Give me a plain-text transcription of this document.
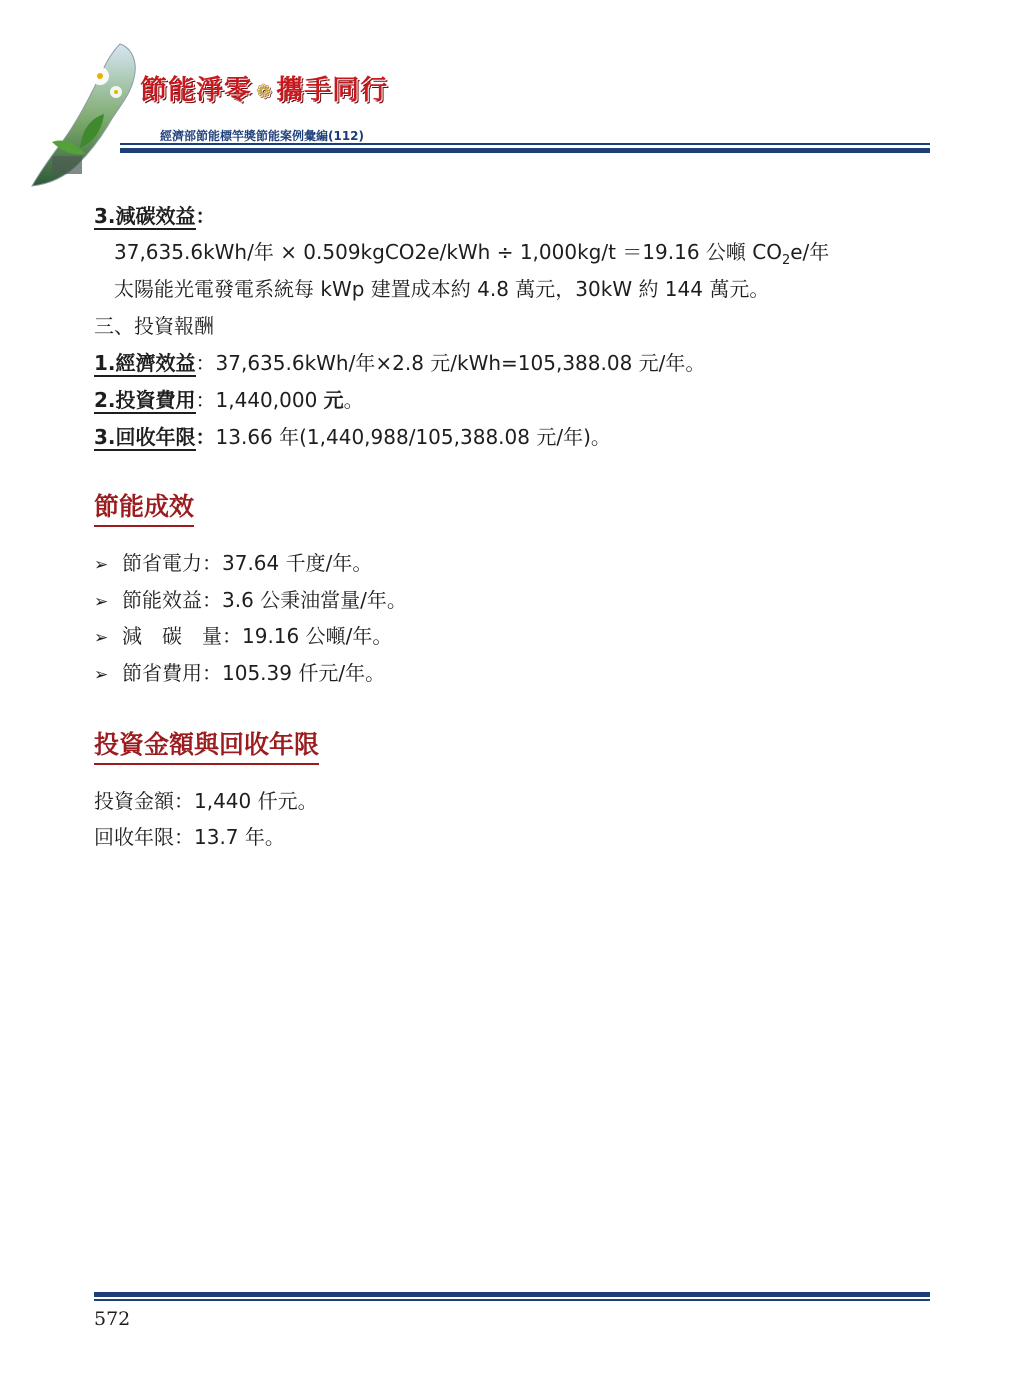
節能淨零 ❁ 攜手同行
經濟部節能標竿獎節能案例彙編(112)
3.減碳效益：
37,635.6kWh/年 × 0.509kgCO2e/kWh ÷ 1,000kg/t ＝19.16 公噸 $CO_2e/$年
太陽能光電發電系統每 kWp 建置成本約 4.8 萬元，30kW 約 144 萬元。
三、投資報酬
1.經濟效益：37,635.6kWh/年×2.8 元/kWh=105,388.08 元/年。
2.投資費用：1,440,000 元。
3.回收年限：13.66 年(1,440,988/105,388.08 元/年)。
節能成效
➢ 節省電力：37.64 千度/年。
➢ 節能效益：3.6 公秉油當量/年。
➢ 減　碳　量：19.16 公噸/年。
➢ 節省費用：105.39 仟元/年。
投資金額與回收年限
投資金額：1,440 仟元。
回收年限：13.7 年。
572
